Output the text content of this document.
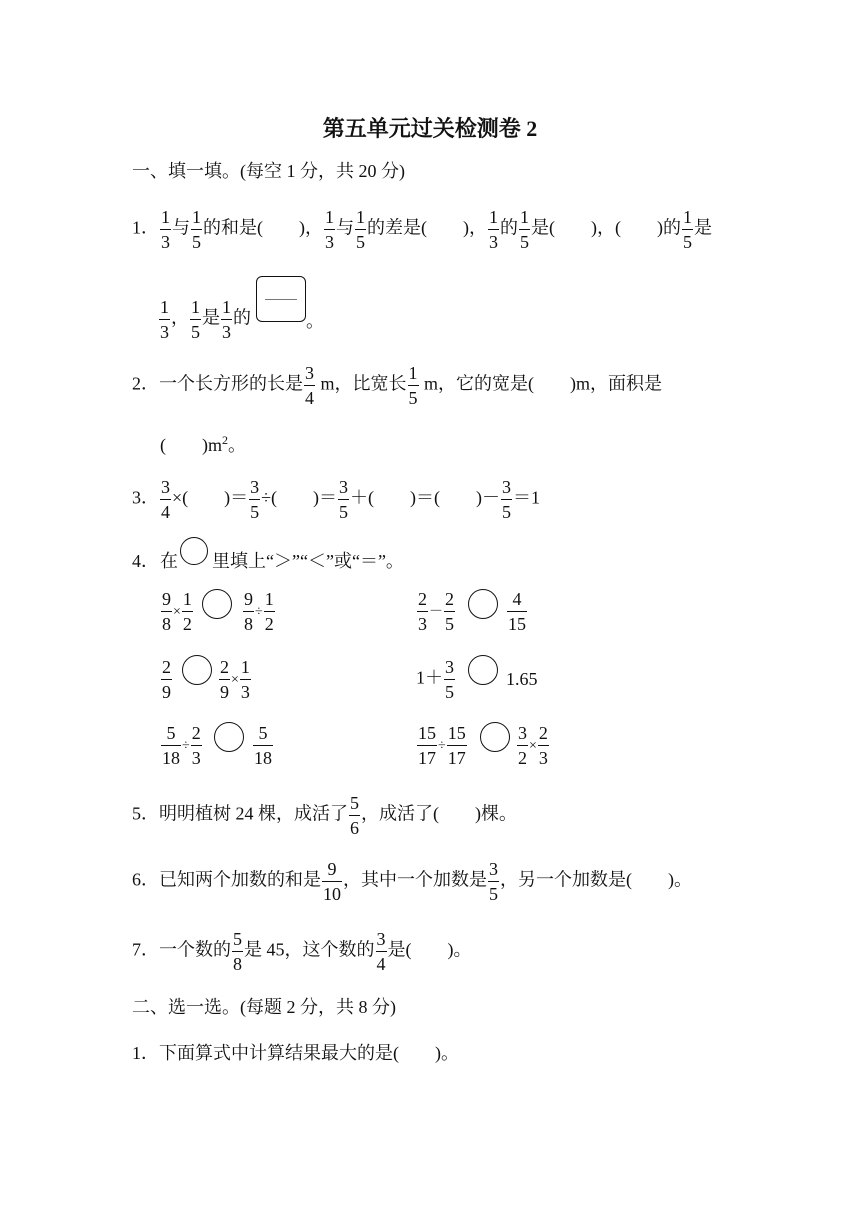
第五单元过关检测卷 2
一、填一填。(每空 1 分，共 20 分)
1． $\frac{1}{3}$ 与 $\frac{1}{5}$ 的和是(　　)， $\frac{1}{3}$ 与 $\frac{1}{5}$ 的差是(　　)， $\frac{1}{3}$ 的 $\frac{1}{5}$ 是(　　)，(　　)的 $\frac{1}{5}$ 是
$\frac{1}{3}$ ， $\frac{1}{5}$ 是 $\frac{1}{3}$ 的	。
2．一个长方形的长是 $\frac{3}{4}$ m，比宽长 $\frac{1}{5}$ m，它的宽是(　　)m，面积是
(　　)$m^2$。
3． $\frac{3}{4}$ ×(　　)＝ $\frac{3}{5}$ ÷(　　)＝ $\frac{3}{5}$ ＋(　　)＝(　　)－ $\frac{3}{5} =1$
4． 在 里填上“＞”“＜”或“＝”。
$\frac{9}{8} \times \frac{1}{2}$	$\frac{9}{8} \div \frac{1}{2}$	$\frac{2}{3} - \frac{2}{5}$	$\frac{4}{15}$
$\frac{2}{9}$	$\frac{2}{9} \times \frac{1}{3}$	$1+ \frac{3}{5}$	1.65
$\frac{5}{18} \div \frac{2}{3}$	$\frac{5}{18}$	$\frac{15}{17} \div \frac{15}{17}$	$\frac{3}{2} \times \frac{2}{3}$
5．明明植树 24 棵，成活了 $\frac{5}{6}$ ，成活了(　　)棵。
6．已知两个加数的和是 $\frac{9}{10}$ ，其中一个加数是 $\frac{3}{5}$ ，另一个加数是(　　)。
7．一个数的 $\frac{5}{8}$ 是 45，这个数的 $\frac{3}{4}$ 是(　　)。
二、选一选。(每题 2 分，共 8 分)
1．下面算式中计算结果最大的是(　　)。
